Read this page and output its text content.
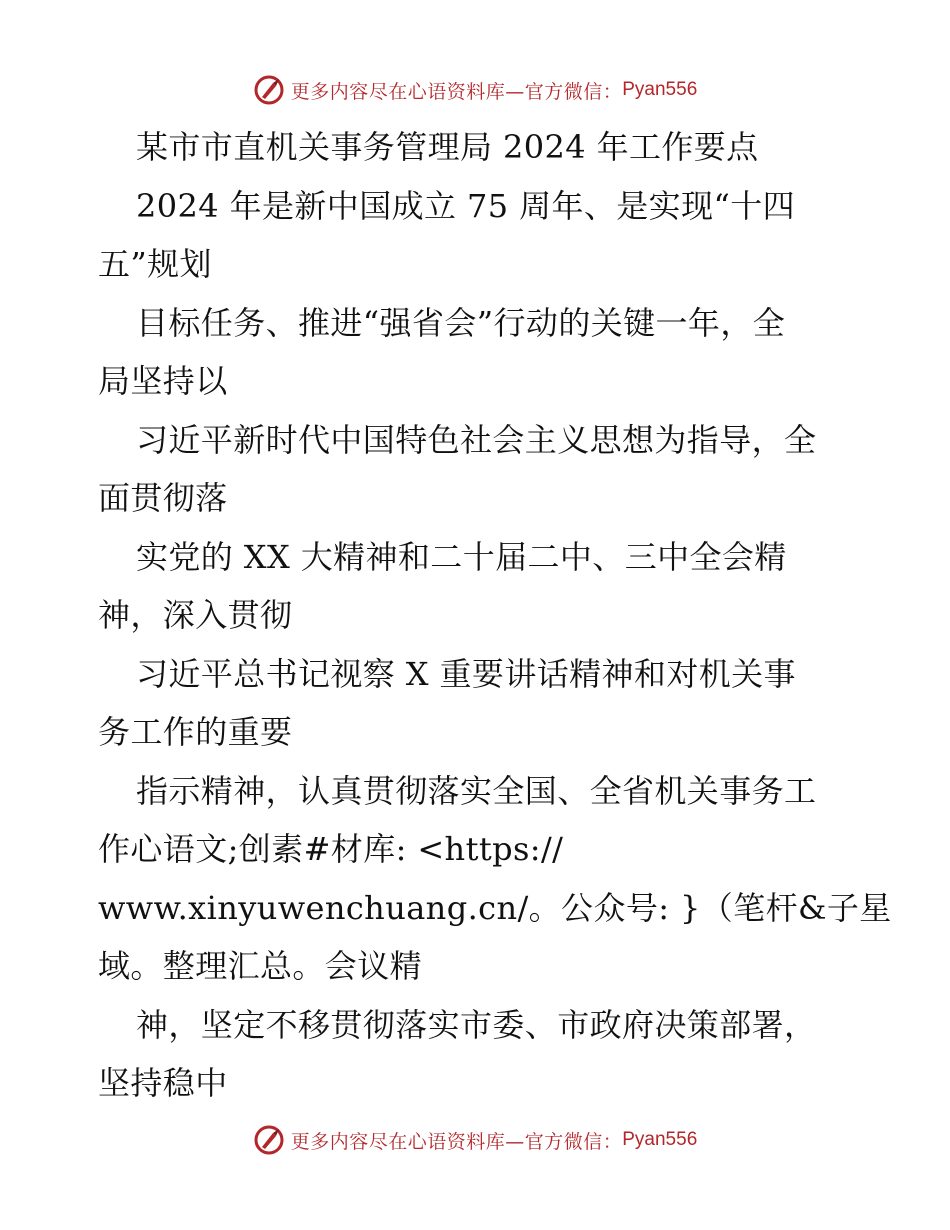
更多内容尽在心语资料库—官方微信： Pyan556
某市市直机关事务管理局 2024 年工作要点
2024 年是新中国成立 75 周年、是实现“十四
五”规划
目标任务、推进“强省会”行动的关键一年，全
局坚持以
习近平新时代中国特色社会主义思想为指导，全
面贯彻落
实党的 XX 大精神和二十届二中、三中全会精
神，深入贯彻
习近平总书记视察 X 重要讲话精神和对机关事
务工作的重要
指示精神，认真贯彻落实全国、全省机关事务工
作心语文;创素#材库: <https://
www.xinyuwenchuang.cn/。公众号: }（笔杆&子星
域。整理汇总。会议精
神，坚定不移贯彻落实市委、市政府决策部署，
坚持稳中
更多内容尽在心语资料库—官方微信： Pyan556
